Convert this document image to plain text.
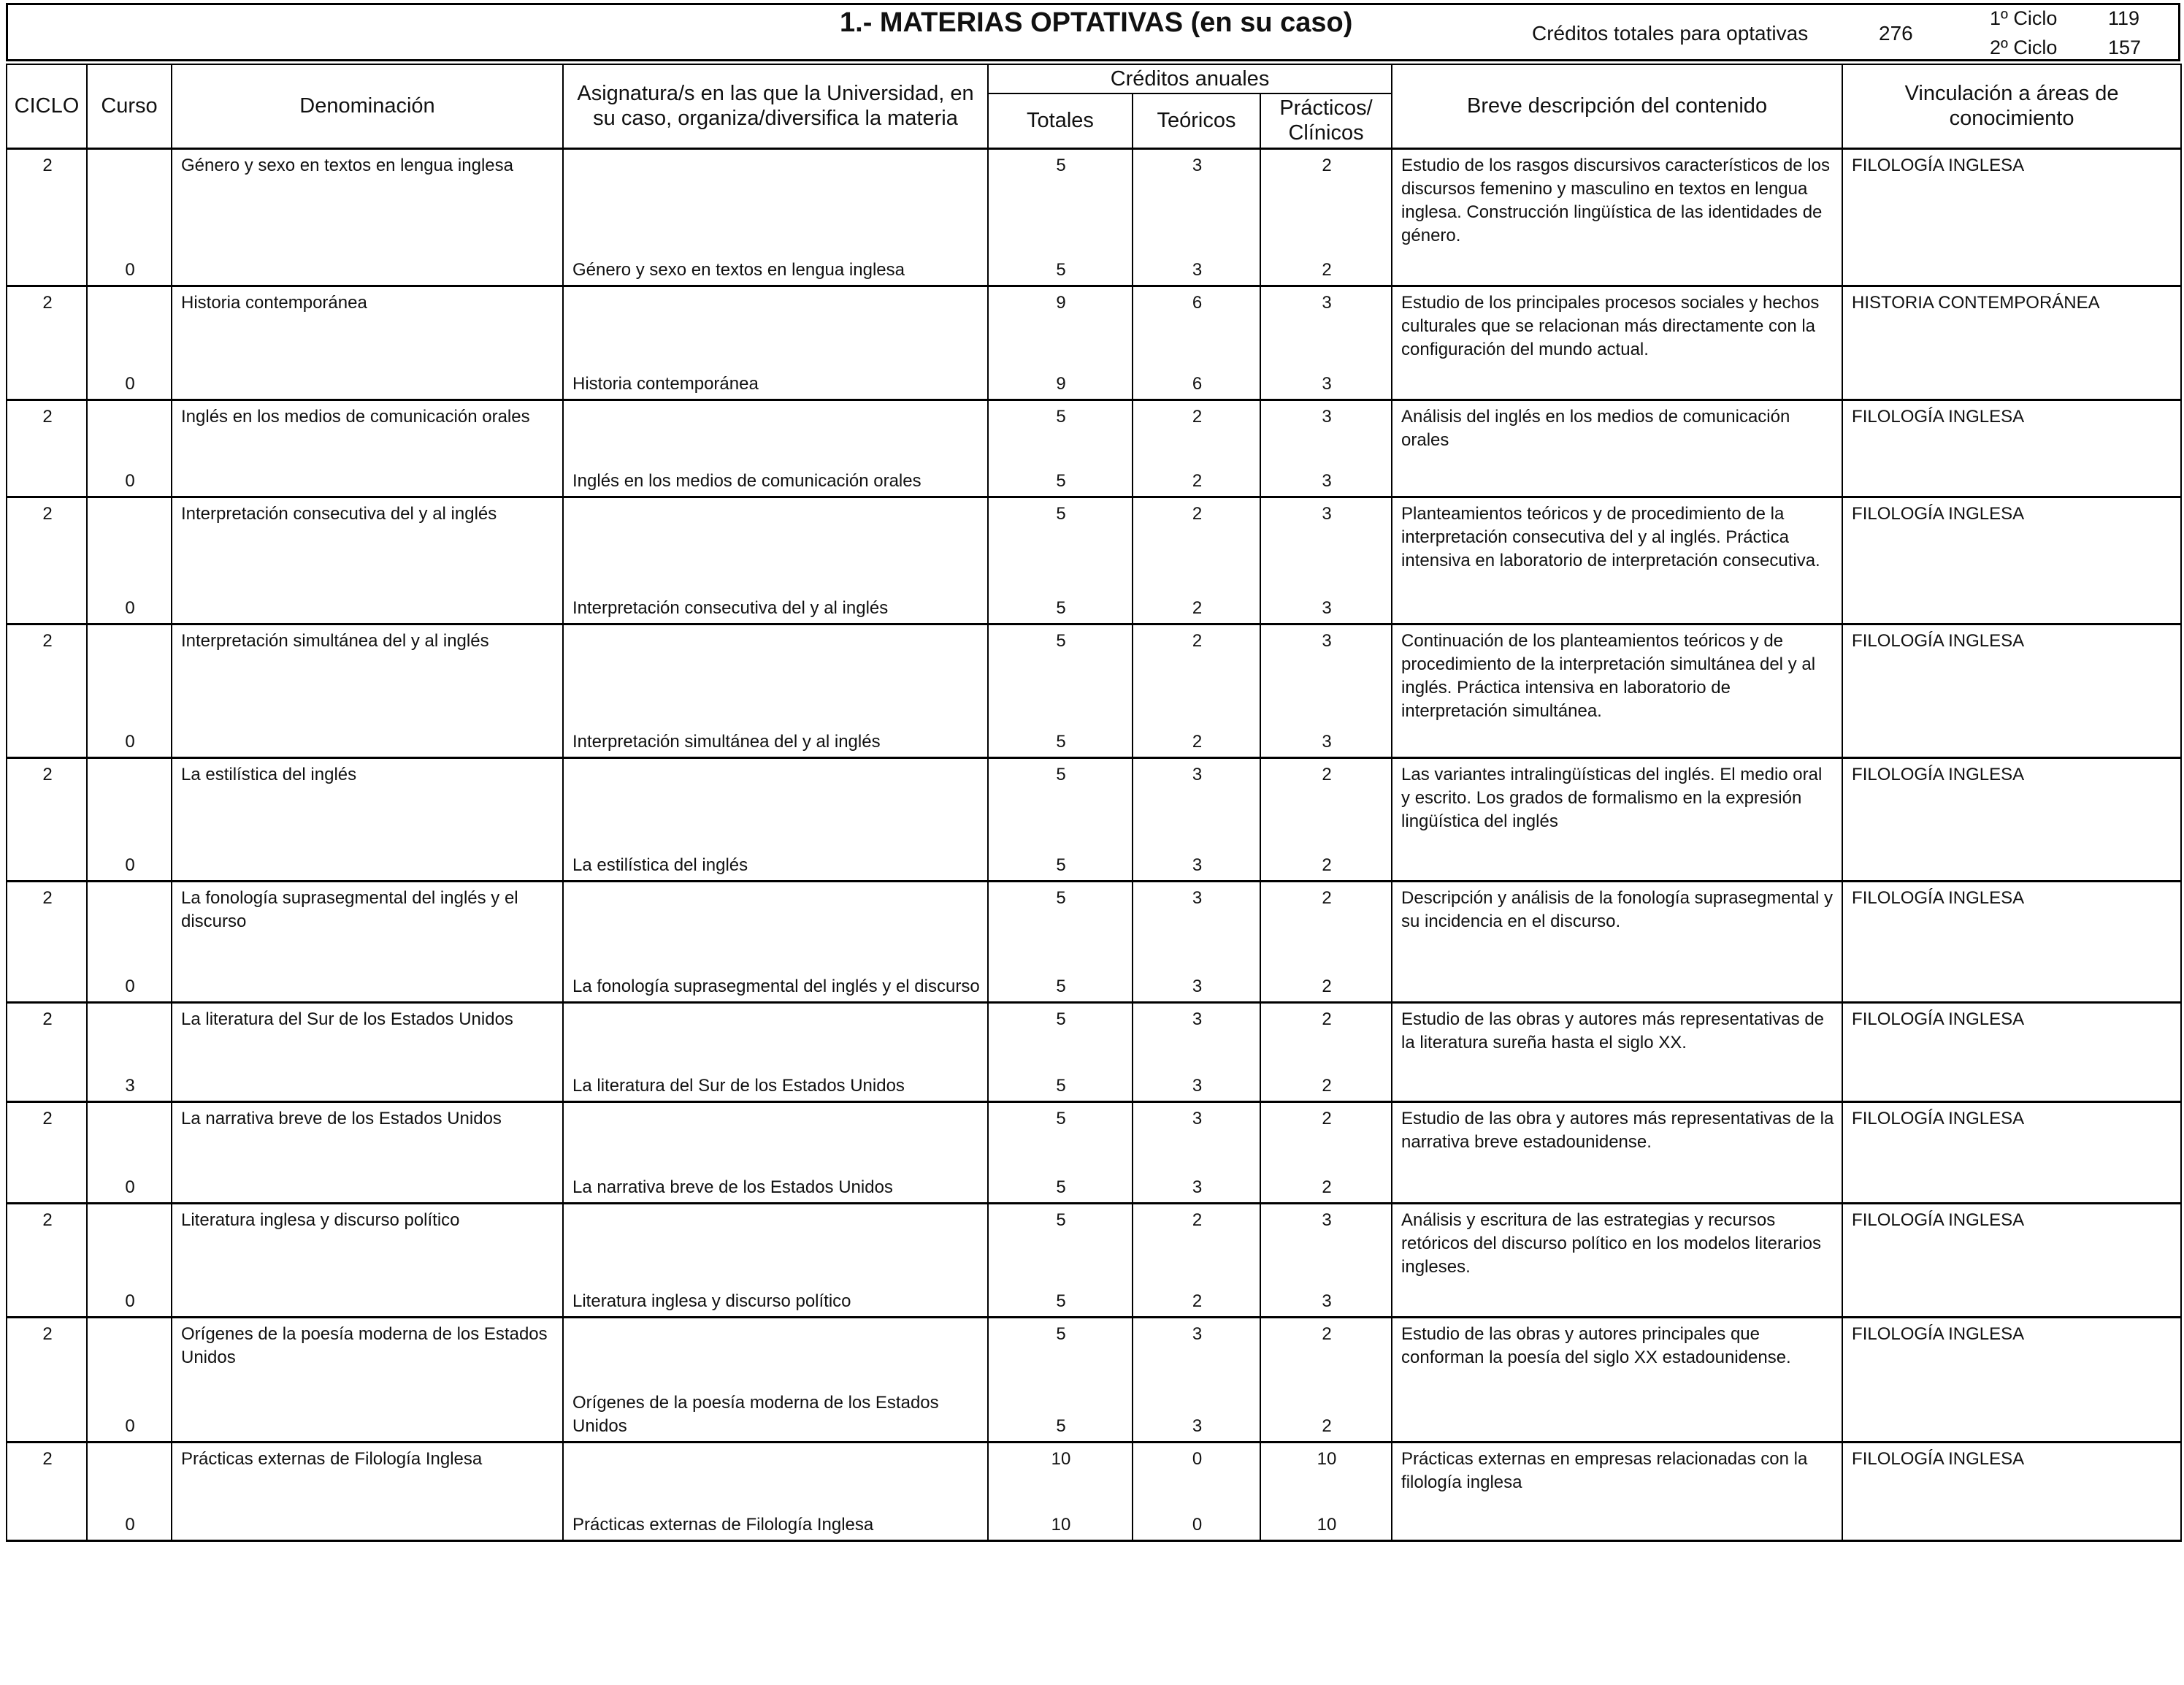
1.- MATERIAS OPTATIVAS (en su caso)	Créditos totales para optativas	276
1º Ciclo	119
2º Ciclo	157
CICLO	Curso	Denominación	Asignatura/s en las que la Universidad, en su caso, organiza/diversifica la materia	Créditos anuales			Breve descripción del contenido	Vinculación a áreas de conocimiento
				Totales	Teóricos	Prácticos/ Clínicos		

2		Género y sexo en textos en lengua inglesa		5	3	2	Estudio de los rasgos discursivos característicos de los discursos femenino y masculino en textos en lengua inglesa. Construcción lingüística de las identidades de género.	FILOLOGÍA INGLESA

	0		Género y sexo en textos en lengua inglesa	5	3	2		

2		Historia contemporánea		9	6	3	Estudio de los principales procesos sociales y hechos culturales que se relacionan más directamente con la configuración del mundo actual.	HISTORIA CONTEMPORÁNEA

	0		Historia contemporánea	9	6	3		

2		Inglés en los medios de comunicación orales		5	2	3	Análisis del inglés en los medios de comunicación orales	FILOLOGÍA INGLESA

	0		Inglés en los medios de comunicación orales	5	2	3		

2		Interpretación consecutiva del y al inglés		5	2	3	Planteamientos teóricos y de procedimiento de la interpretación consecutiva del y al inglés. Práctica intensiva en laboratorio de interpretación consecutiva.	FILOLOGÍA INGLESA

	0		Interpretación consecutiva del y al inglés	5	2	3		

2		Interpretación simultánea del y al inglés		5	2	3	Continuación de los planteamientos teóricos y de procedimiento de la interpretación simultánea del y al inglés. Práctica intensiva en laboratorio de interpretación simultánea.	FILOLOGÍA INGLESA

	0		Interpretación simultánea del y al inglés	5	2	3		

2		La estilística del inglés		5	3	2	Las variantes intralingüísticas del inglés. El medio oral y escrito. Los grados de formalismo en la expresión lingüística del inglés	FILOLOGÍA INGLESA

	0		La estilística del inglés	5	3	2		

2		La fonología suprasegmental del inglés y el discurso		5	3	2	Descripción y análisis de la fonología suprasegmental y su incidencia en el discurso.	FILOLOGÍA INGLESA

	0		La fonología suprasegmental del inglés y el discurso	5	3	2		

2		La literatura del Sur de los Estados Unidos		5	3	2	Estudio de las obras y autores más representativas de la literatura sureña hasta el siglo XX.	FILOLOGÍA INGLESA

	3		La literatura del Sur de los Estados Unidos	5	3	2		

2		La narrativa breve de los Estados Unidos		5	3	2	Estudio de las obra y autores más representativas de la narrativa breve estadounidense.	FILOLOGÍA INGLESA

	0		La narrativa breve de los Estados Unidos	5	3	2		

2		Literatura inglesa y discurso político		5	2	3	Análisis y escritura de las estrategias y recursos retóricos del discurso político en los modelos literarios ingleses.	FILOLOGÍA INGLESA

	0		Literatura inglesa y discurso político	5	2	3		

2		Orígenes de la poesía moderna de los Estados Unidos		5	3	2	Estudio de las obras y autores principales que conforman la poesía del siglo XX estadounidense.	FILOLOGÍA INGLESA

	0		Orígenes de la poesía moderna de los Estados Unidos	5	3	2		

2		Prácticas externas de Filología Inglesa		10	0	10	Prácticas externas en empresas relacionadas con la filología inglesa	FILOLOGÍA INGLESA

	0		Prácticas externas de Filología Inglesa	10	0	10		
